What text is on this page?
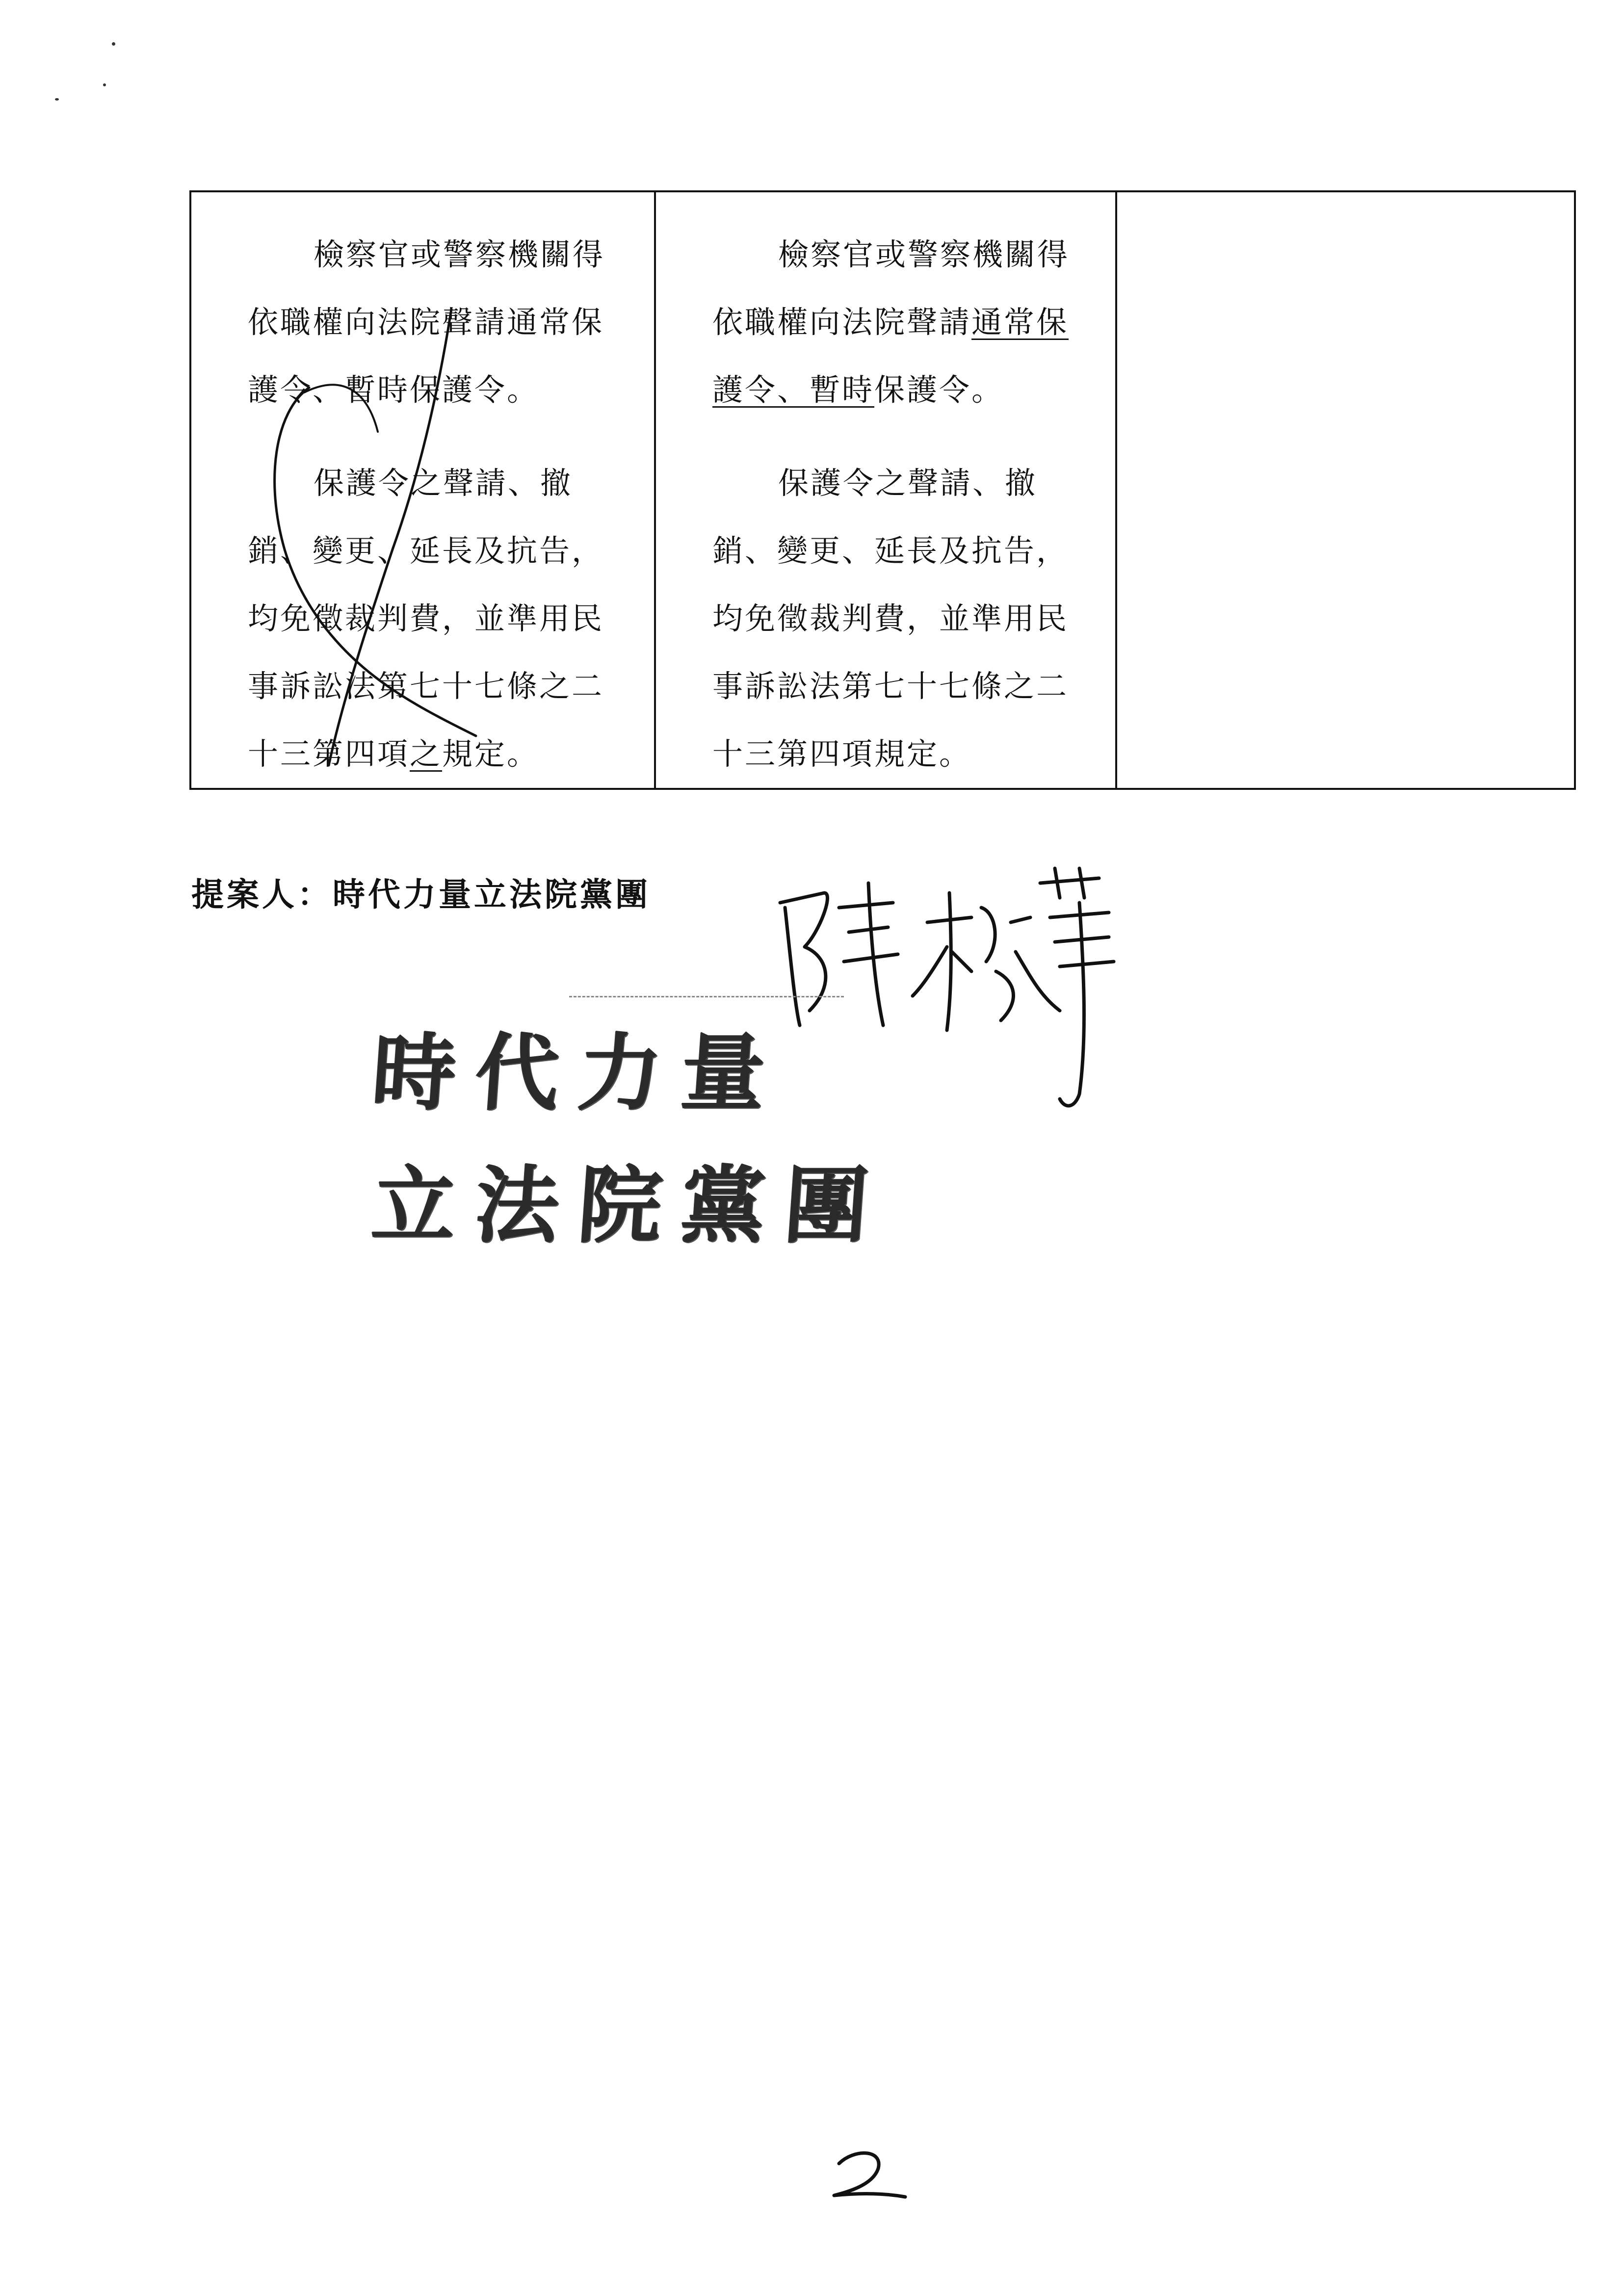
檢察官或警察機關得依職權向法院聲請通常保護令、暫時保護令。

保護令之聲請、撤銷、變更、延長及抗告，均免徵裁判費，並準用民事訴訟法第七十七條之二十三第四項之規定。

檢察官或警察機關得依職權向法院聲請通常保護令、暫時保護令。

保護令之聲請、撤銷、變更、延長及抗告，均免徵裁判費，並準用民事訴訟法第七十七條之二十三第四項規定。

提案人：時代力量立法院黨團
時代力量
立法院黨團
